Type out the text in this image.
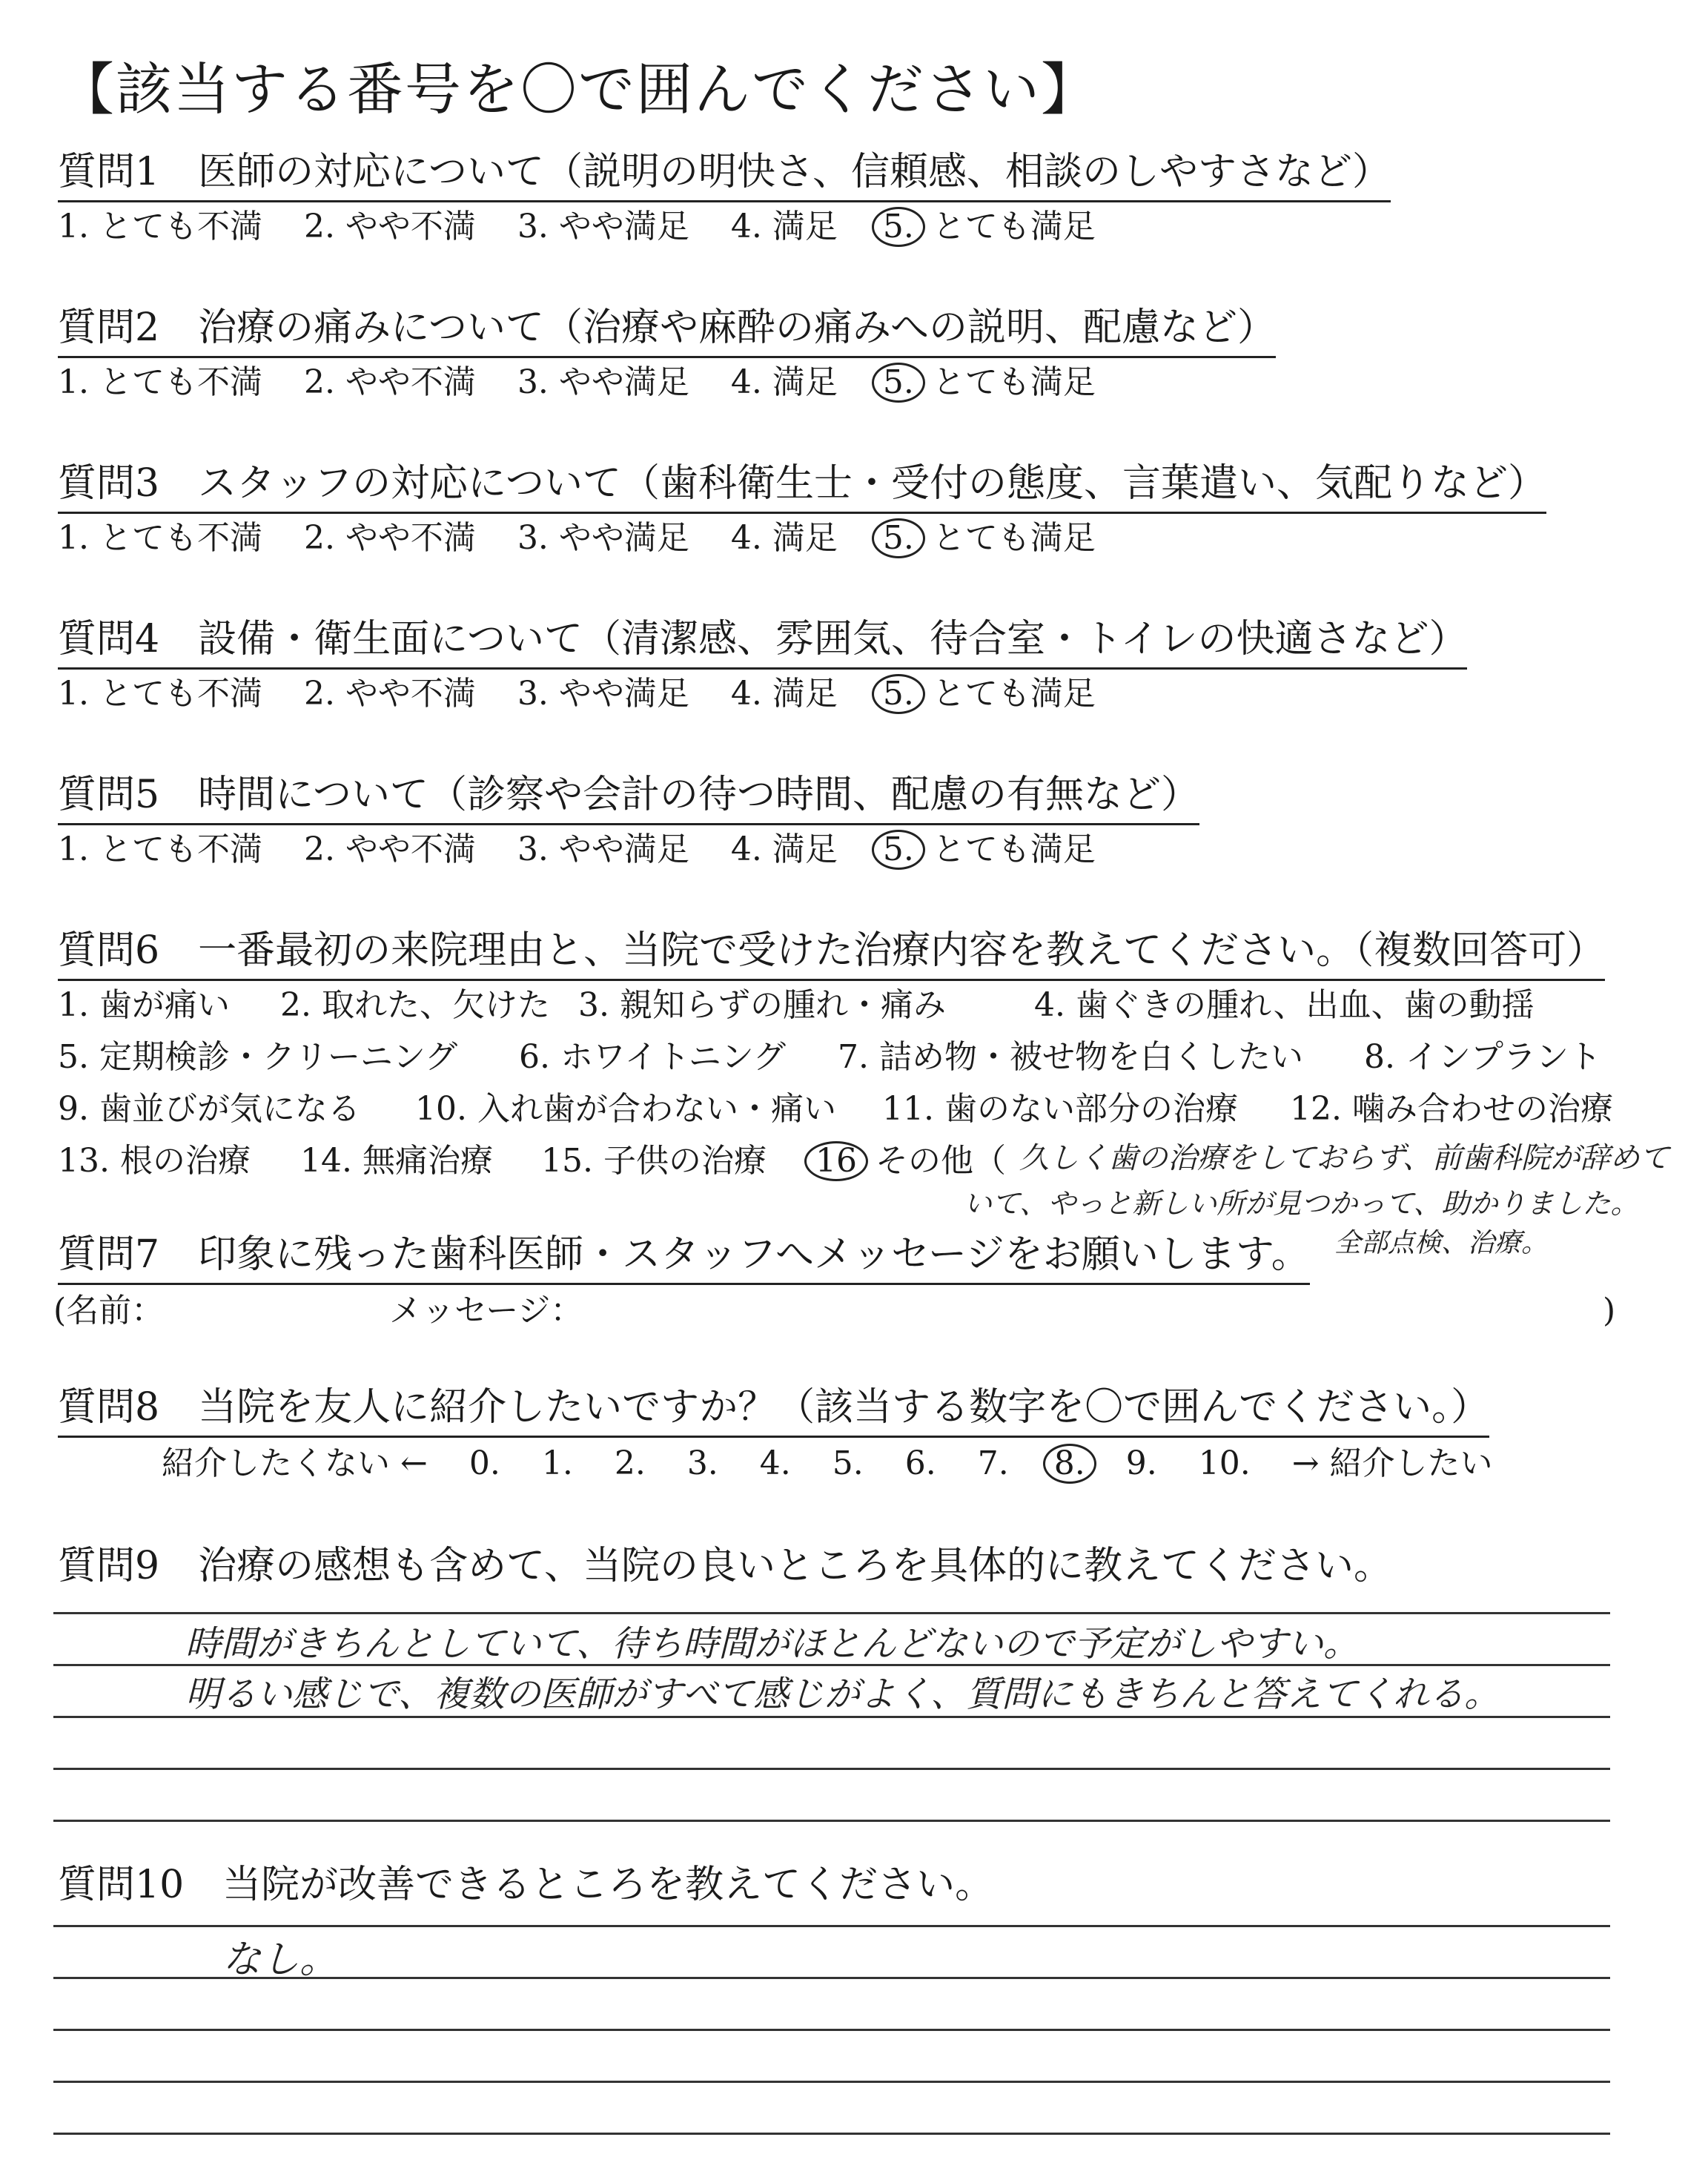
【該当する番号を〇で囲んでください】
質問1　医師の対応について（説明の明快さ、信頼感、相談のしやすさなど）
1. とても不満 2. やや不満 3. やや満足 4. 満足 5. とても満足
質問2　治療の痛みについて（治療や麻酔の痛みへの説明、配慮など）
1. とても不満 2. やや不満 3. やや満足 4. 満足 5. とても満足
質問3　スタッフの対応について（歯科衛生士・受付の態度、言葉遣い、気配りなど）
1. とても不満 2. やや不満 3. やや満足 4. 満足 5. とても満足
質問4　設備・衛生面について（清潔感、雰囲気、待合室・トイレの快適さなど）
1. とても不満 2. やや不満 3. やや満足 4. 満足 5. とても満足
質問5　時間について（診察や会計の待つ時間、配慮の有無など）
1. とても不満 2. やや不満 3. やや満足 4. 満足 5. とても満足
質問6　一番最初の来院理由と、当院で受けた治療内容を教えてください。（複数回答可）
1. 歯が痛い 2. 取れた、欠けた 3. 親知らずの腫れ・痛み	4. 歯ぐきの腫れ、出血、歯の動揺
5. 定期検診・クリーニング 6. ホワイトニング 7. 詰め物・被せ物を白くしたい 8. インプラント
9. 歯並びが気になる 10. 入れ歯が合わない・痛い 11. 歯のない部分の治療 12. 噛み合わせの治療
13. 根の治療 14. 無痛治療 15. 子供の治療 16 その他（ 久しく歯の治療をしておらず、前歯科院が辞めて
いて、やっと新しい所が見つかって、助かりました。
全部点検、治療。
質問7　印象に残った歯科医師・スタッフへメッセージをお願いします。
(名前：	メッセージ：	)
質問8　当院を友人に紹介したいですか？（該当する数字を〇で囲んでください。）
紹介したくない ← 0. 1. 2. 3. 4. 5. 6. 7. 8. 9. 10. → 紹介したい
質問9　治療の感想も含めて、当院の良いところを具体的に教えてください。
時間がきちんとしていて、待ち時間がほとんどないので予定がしやすい。
明るい感じで、複数の医師がすべて感じがよく、質問にもきちんと答えてくれる。
質問10　当院が改善できるところを教えてください。
なし。
